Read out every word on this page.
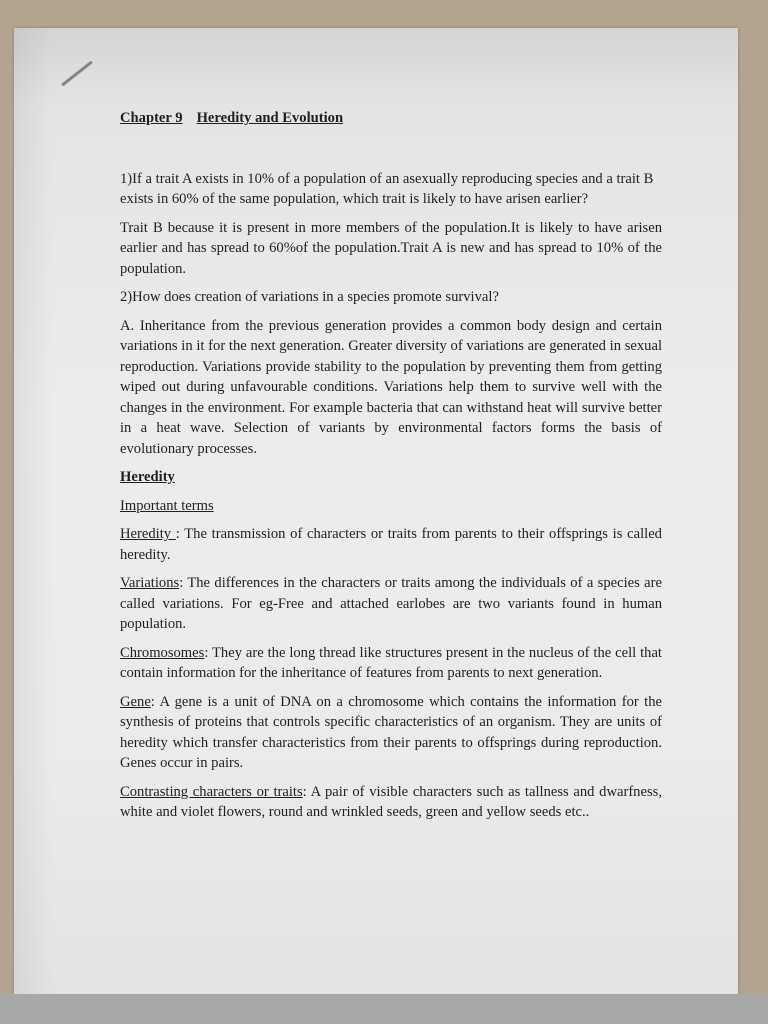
Chapter 9 Heredity and Evolution

1)If a trait A exists in 10% of a population of an asexually reproducing species and a trait B exists in 60% of the same population, which trait is likely to have arisen earlier?

Trait B because it is present in more members of the population.It is likely to have arisen earlier and has spread to 60%of the population.Trait A is new and has spread to 10% of the population.

2)How does creation of variations in a species promote survival?

A. Inheritance from the previous generation provides a common body design and certain variations in it for the next generation. Greater diversity of variations are generated in sexual reproduction. Variations provide stability to the population by preventing them from getting wiped out during unfavourable conditions. Variations help them to survive well with the changes in the environment. For example bacteria that can withstand heat will survive better in a heat wave. Selection of variants by environmental factors forms the basis of evolutionary processes.

Heredity

Important terms

Heredity : The transmission of characters or traits from parents to their offsprings is called heredity.

Variations: The differences in the characters or traits among the individuals of a species are called variations. For eg-Free and attached earlobes are two variants found in human population.

Chromosomes: They are the long thread like structures present in the nucleus of the cell that contain information for the inheritance of features from parents to next generation.

Gene: A gene is a unit of DNA on a chromosome which contains the information for the synthesis of proteins that controls specific characteristics of an organism. They are units of heredity which transfer characteristics from their parents to offsprings during reproduction. Genes occur in pairs.

Contrasting characters or traits: A pair of visible characters such as tallness and dwarfness, white and violet flowers, round and wrinkled seeds, green and yellow seeds etc..
